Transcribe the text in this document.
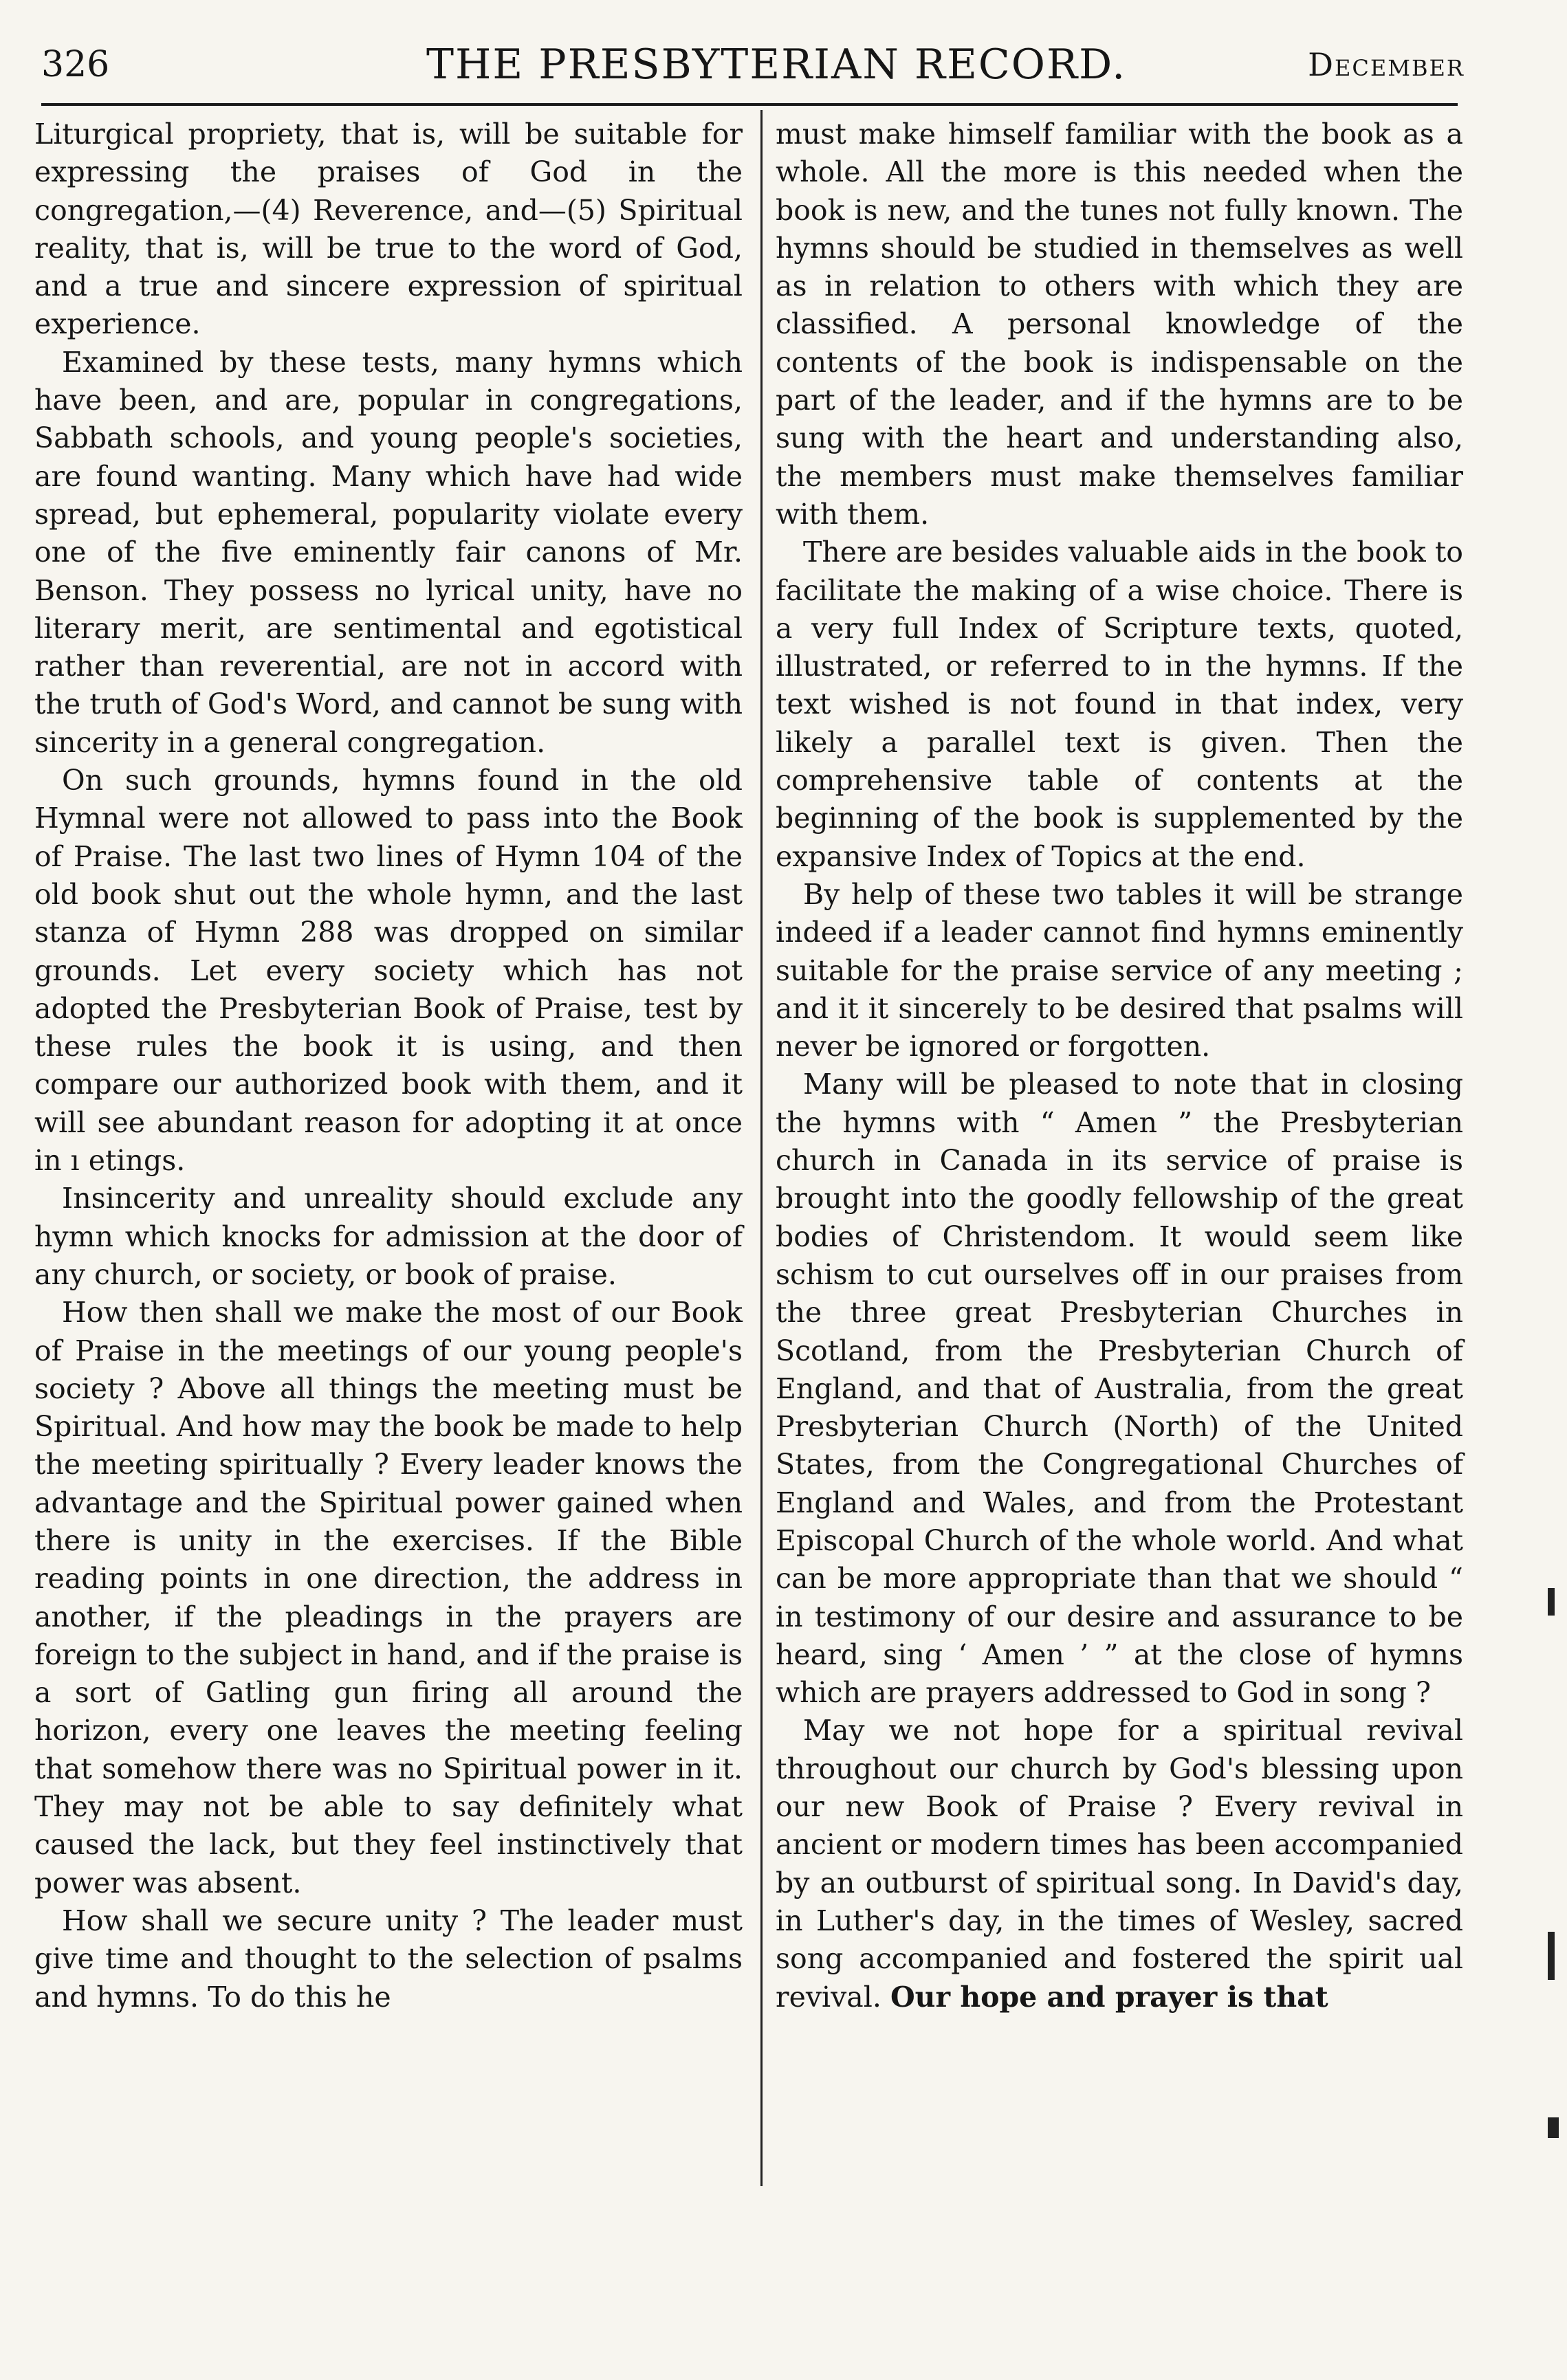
326	THE PRESBYTERIAN RECORD.	December

Liturgical propriety, that is, will be suitable for expressing the praises of God in the congregation,—(4) Reverence, and—(5) Spiritual reality, that is, will be true to the word of God, and a true and sincere expression of spiritual experience.

Examined by these tests, many hymns which have been, and are, popular in congregations, Sabbath schools, and young people's societies, are found wanting. Many which have had wide spread, but ephemeral, popularity violate every one of the five eminently fair canons of Mr. Benson. They possess no lyrical unity, have no literary merit, are sentimental and egotistical rather than reverential, are not in accord with the truth of God's Word, and cannot be sung with sincerity in a general congregation.

On such grounds, hymns found in the old Hymnal were not allowed to pass into the Book of Praise. The last two lines of Hymn 104 of the old book shut out the whole hymn, and the last stanza of Hymn 288 was dropped on similar grounds. Let every society which has not adopted the Presbyterian Book of Praise, test by these rules the book it is using, and then compare our authorized book with them, and it will see abundant reason for adopting it at once in ı etings.

Insincerity and unreality should exclude any hymn which knocks for admission at the door of any church, or society, or book of praise.

How then shall we make the most of our Book of Praise in the meetings of our young people's society ? Above all things the meeting must be Spiritual. And how may the book be made to help the meeting spiritually ? Every leader knows the advantage and the Spiritual power gained when there is unity in the exercises. If the Bible reading points in one direction, the address in another, if the pleadings in the prayers are foreign to the subject in hand, and if the praise is a sort of Gatling gun firing all around the horizon, every one leaves the meeting feeling that somehow there was no Spiritual power in it. They may not be able to say definitely what caused the lack, but they feel instinctively that power was absent.

How shall we secure unity ? The leader must give time and thought to the selection of psalms and hymns. To do this he

must make himself familiar with the book as a whole. All the more is this needed when the book is new, and the tunes not fully known. The hymns should be studied in themselves as well as in relation to others with which they are classified. A personal knowledge of the contents of the book is indispensable on the part of the leader, and if the hymns are to be sung with the heart and understanding also, the members must make themselves familiar with them.

There are besides valuable aids in the book to facilitate the making of a wise choice. There is a very full Index of Scripture texts, quoted, illustrated, or referred to in the hymns. If the text wished is not found in that index, very likely a parallel text is given. Then the comprehensive table of contents at the beginning of the book is supplemented by the expansive Index of Topics at the end.

By help of these two tables it will be strange indeed if a leader cannot find hymns eminently suitable for the praise service of any meeting ; and it it sincerely to be desired that psalms will never be ignored or forgotten.

Many will be pleased to note that in closing the hymns with “ Amen ” the Presbyterian church in Canada in its service of praise is brought into the goodly fellowship of the great bodies of Christendom. It would seem like schism to cut ourselves off in our praises from the three great Presbyterian Churches in Scotland, from the Presbyterian Church of England, and that of Australia, from the great Presbyterian Church (North) of the United States, from the Congregational Churches of England and Wales, and from the Protestant Episcopal Church of the whole world. And what can be more appropriate than that we should “ in testimony of our desire and assurance to be heard, sing ‘ Amen ’ ” at the close of hymns which are prayers addressed to God in song ?

May we not hope for a spiritual revival throughout our church by God's blessing upon our new Book of Praise ? Every revival in ancient or modern times has been accompanied by an outburst of spiritual song. In David's day, in Luther's day, in the times of Wesley, sacred song accompanied and fostered the spirit ual revival. Our hope and prayer is that
